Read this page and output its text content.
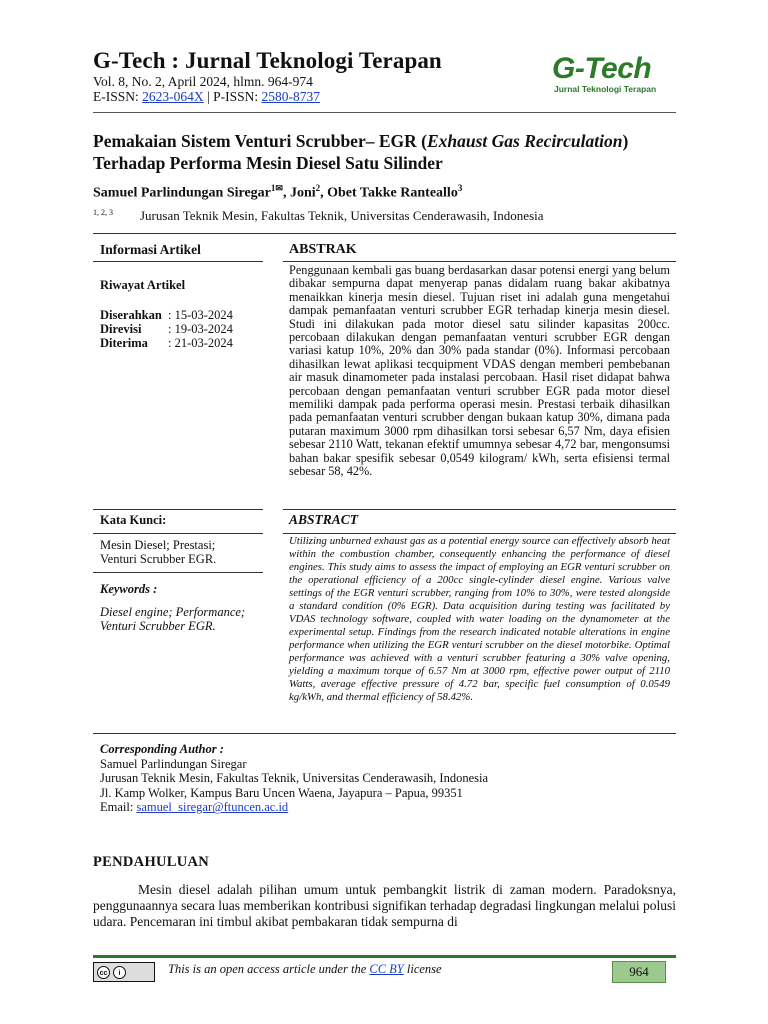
G-Tech : Jurnal Teknologi Terapan
Vol. 8, No. 2, April 2024, hlmn. 964-974
E-ISSN: 2623-064X | P-ISSN: 2580-8737
G-Tech
Jurnal Teknologi Terapan
Pemakaian Sistem Venturi Scrubber– EGR (Exhaust Gas Recirculation)
Terhadap Performa Mesin Diesel Satu Silinder
Samuel Parlindungan Siregar$^{1✉}$, Joni$^2$, Obet Takke Ranteallo$^3$
1, 2, 3 Jurusan Teknik Mesin, Fakultas Teknik, Universitas Cenderawasih, Indonesia
Informasi Artikel
Riwayat Artikel
Diserahkan : 15-03-2024
Direvisi : 19-03-2024
Diterima : 21-03-2024
Kata Kunci:
Mesin Diesel; Prestasi;
Venturi Scrubber EGR.
Keywords :
Diesel engine; Performance;
Venturi Scrubber EGR.
ABSTRAK
Penggunaan kembali gas buang berdasarkan dasar potensi energi yang belum dibakar sempurna dapat menyerap panas didalam ruang bakar akibatnya menaikkan kinerja mesin diesel. Tujuan riset ini adalah guna mengetahui dampak pemanfaatan venturi scrubber EGR terhadap kinerja mesin diesel. Studi ini dilakukan pada motor diesel satu silinder kapasitas 200cc. percobaan dilakukan dengan pemanfaatan venturi scrubber EGR dengan variasi katup 10%, 20% dan 30% pada standar (0%). Informasi percobaan dihasilkan lewat aplikasi tecquipment VDAS dengan memberi pembebanan air masuk dinamometer pada instalasi percobaan. Hasil riset didapat bahwa percobaan dengan pemanfaatan venturi scrubber EGR pada motor diesel memiliki dampak pada performa operasi mesin. Prestasi terbaik dihasilkan pada pemanfaatan venturi scrubber dengan bukaan katup 30%, dimana pada putaran maximum 3000 rpm dihasilkan torsi sebesar 6,57 Nm, daya efisien sebesar 2110 Watt, tekanan efektif umumnya sebesar 4,72 bar, mengonsumsi bahan bakar spesifik sebesar 0,0549 kilogram/ kWh, serta efisiensi termal sebesar 58, 42%.
ABSTRACT
Utilizing unburned exhaust gas as a potential energy source can effectively absorb heat within the combustion chamber, consequently enhancing the performance of diesel engines. This study aims to assess the impact of employing an EGR venturi scrubber on the operational efficiency of a 200cc single-cylinder diesel engine. Various valve settings of the EGR venturi scrubber, ranging from 10% to 30%, were tested alongside a standard condition (0% EGR). Data acquisition during testing was facilitated by VDAS technology software, coupled with water loading on the dynamometer at the experimental setup. Findings from the research indicated notable alterations in engine performance when utilizing the EGR venturi scrubber on the diesel motorbike. Optimal performance was achieved with a venturi scrubber featuring a 30% valve opening, yielding a maximum torque of 6.57 Nm at 3000 rpm, effective power output of 2110 Watts, average effective pressure of 4.72 bar, specific fuel consumption of 0.0549 kg/kWh, and thermal efficiency of 58.42%.
Corresponding Author :
Samuel Parlindungan Siregar
Jurusan Teknik Mesin, Fakultas Teknik, Universitas Cenderawasih, Indonesia
Jl. Kamp Wolker, Kampus Baru Uncen Waena, Jayapura – Papua, 99351
Email: samuel_siregar@ftuncen.ac.id
PENDAHULUAN
Mesin diesel adalah pilihan umum untuk pembangkit listrik di zaman modern. Paradoksnya, penggunaannya secara luas memberikan kontribusi signifikan terhadap degradasi lingkungan melalui polusi udara. Pencemaran ini timbul akibat pembakaran tidak sempurna di
cc	i	This is an open access article under the CC BY license	964
